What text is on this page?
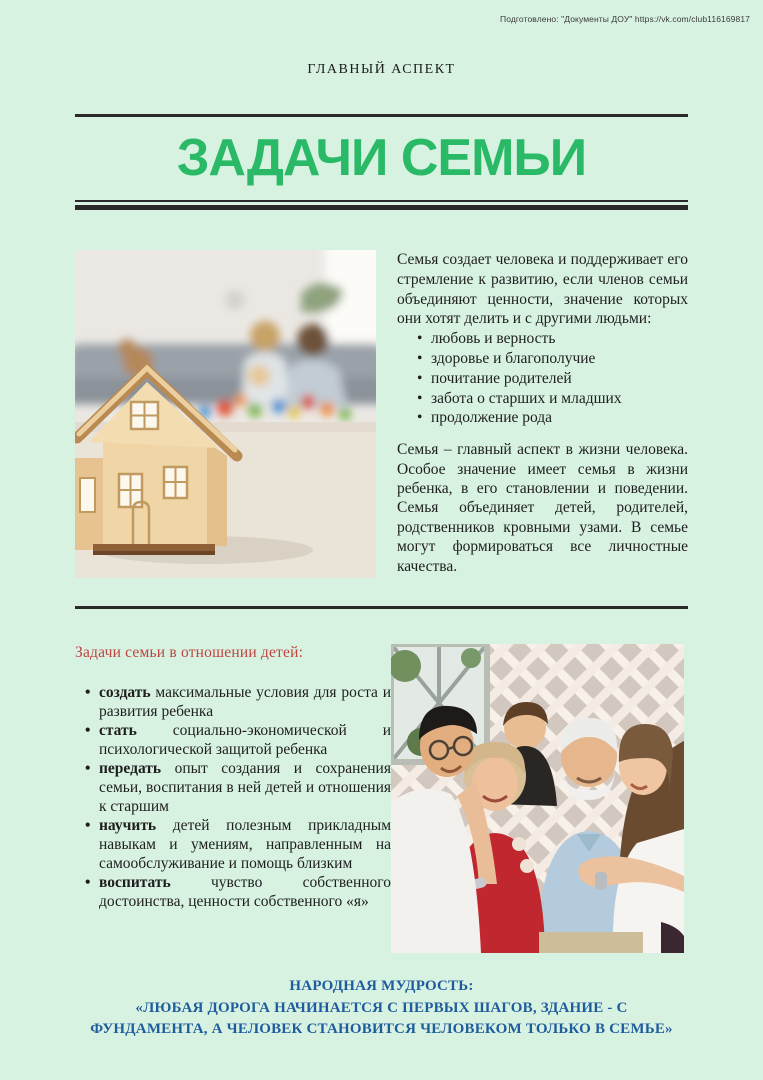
Подготовлено: "Документы ДОУ" https://vk.com/club116169817
ГЛАВНЫЙ АСПЕКТ
ЗАДАЧИ СЕМЬИ

Семья создает человека и поддерживает его стремление к развитию, если членов семьи объединяют ценности, значение которых они хотят делить и с другими людьми:

• любовь и верность
• здоровье и благополучие
• почитание родителей
• забота о старших и младших
• продолжение рода

Семья – главный аспект в жизни человека. Особое значение имеет семья в жизни ребенка, в его становлении и поведении. Семья объединяет детей, родителей, родственников кровными узами. В семье могут формироваться все личностные качества.

Задачи семьи в отношении детей:
• создать максимальные условия для роста и развития ребенка
• стать социально-экономической и психологической защитой ребенка
• передать опыт создания и сохранения семьи, воспитания в ней детей и отношения к старшим
• научить детей полезным прикладным навыкам и умениям, направленным на самообслуживание и помощь близким
• воспитать	чувство собственного достоинства, ценности собственного «я»
НАРОДНАЯ МУДРОСТЬ:
«ЛЮБАЯ ДОРОГА НАЧИНАЕТСЯ С ПЕРВЫХ ШАГОВ, ЗДАНИЕ - С ФУНДАМЕНТА, А ЧЕЛОВЕК СТАНОВИТСЯ ЧЕЛОВЕКОМ ТОЛЬКО В СЕМЬЕ»
